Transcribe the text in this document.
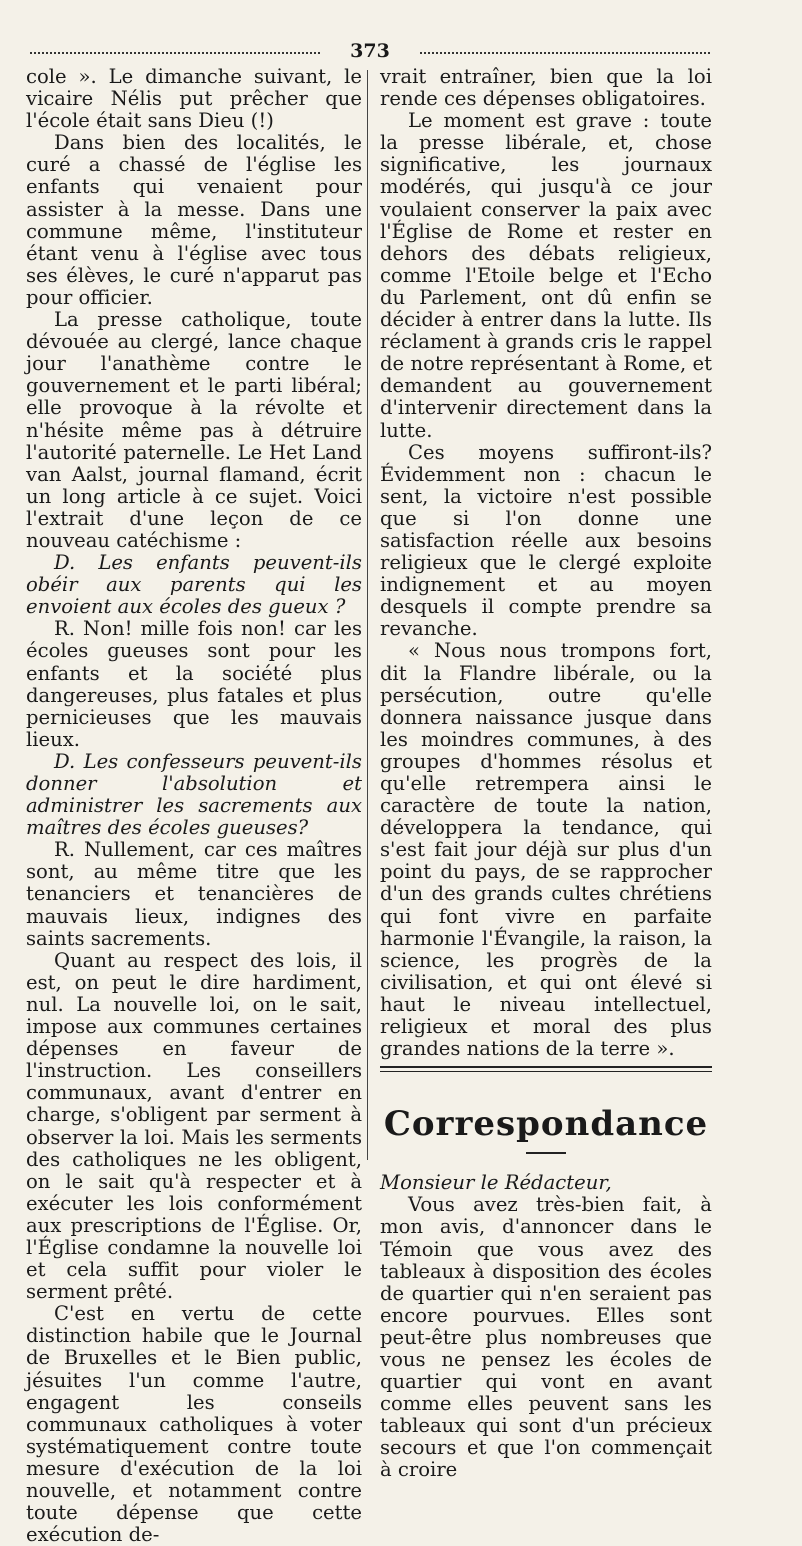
373

cole ». Le dimanche suivant, le vicaire Nélis put prêcher que l'école était sans Dieu (!)

Dans bien des localités, le curé a chassé de l'église les enfants qui venaient pour assister à la messe. Dans une commune même, l'instituteur étant venu à l'église avec tous ses élèves, le curé n'apparut pas pour officier.

La presse catholique, toute dévouée au clergé, lance chaque jour l'anathème contre le gouvernement et le parti libéral; elle provoque à la révolte et n'hésite même pas à détruire l'autorité paternelle. Le Het Land van Aalst, journal flamand, écrit un long article à ce sujet. Voici l'extrait d'une leçon de ce nouveau catéchisme :

D. Les enfants peuvent-ils obéir aux parents qui les envoient aux écoles des gueux ?

R. Non! mille fois non! car les écoles gueuses sont pour les enfants et la société plus dangereuses, plus fatales et plus pernicieuses que les mauvais lieux.

D. Les confesseurs peuvent-ils donner l'absolution et administrer les sacrements aux maîtres des écoles gueuses?

R. Nullement, car ces maîtres sont, au même titre que les tenanciers et tenancières de mauvais lieux, indignes des saints sacrements.

Quant au respect des lois, il est, on peut le dire hardiment, nul. La nouvelle loi, on le sait, impose aux communes certaines dépenses en faveur de l'instruction. Les conseillers communaux, avant d'entrer en charge, s'obligent par serment à observer la loi. Mais les serments des catholiques ne les obligent, on le sait qu'à respecter et à exécuter les lois conformément aux prescriptions de l'Église. Or, l'Église condamne la nouvelle loi et cela suffit pour violer le serment prêté.

C'est en vertu de cette distinction habile que le Journal de Bruxelles et le Bien public, jésuites l'un comme l'autre, engagent les conseils communaux catholiques à voter systématiquement contre toute mesure d'exécution de la loi nouvelle, et notamment contre toute dépense que cette exécution de-

vrait entraîner, bien que la loi rende ces dépenses obligatoires.

Le moment est grave : toute la presse libérale, et, chose significative, les journaux modérés, qui jusqu'à ce jour voulaient conserver la paix avec l'Église de Rome et rester en dehors des débats religieux, comme l'Etoile belge et l'Echo du Parlement, ont dû enfin se décider à entrer dans la lutte. Ils réclament à grands cris le rappel de notre représentant à Rome, et demandent au gouvernement d'intervenir directement dans la lutte.

Ces moyens suffiront-ils? Évidemment non : chacun le sent, la victoire n'est possible que si l'on donne une satisfaction réelle aux besoins religieux que le clergé exploite indignement et au moyen desquels il compte prendre sa revanche.

« Nous nous trompons fort, dit la Flandre libérale, ou la persécution, outre qu'elle donnera naissance jusque dans les moindres communes, à des groupes d'hommes résolus et qu'elle retrempera ainsi le caractère de toute la nation, développera la tendance, qui s'est fait jour déjà sur plus d'un point du pays, de se rapprocher d'un des grands cultes chrétiens qui font vivre en parfaite harmonie l'Évangile, la raison, la science, les progrès de la civilisation, et qui ont élevé si haut le niveau intellectuel, religieux et moral des plus grandes nations de la terre ».

Correspondance

Monsieur le Rédacteur,

Vous avez très-bien fait, à mon avis, d'annoncer dans le Témoin que vous avez des tableaux à disposition des écoles de quartier qui n'en seraient pas encore pourvues. Elles sont peut-être plus nombreuses que vous ne pensez les écoles de quartier qui vont en avant comme elles peuvent sans les tableaux qui sont d'un précieux secours et que l'on commençait à croire
